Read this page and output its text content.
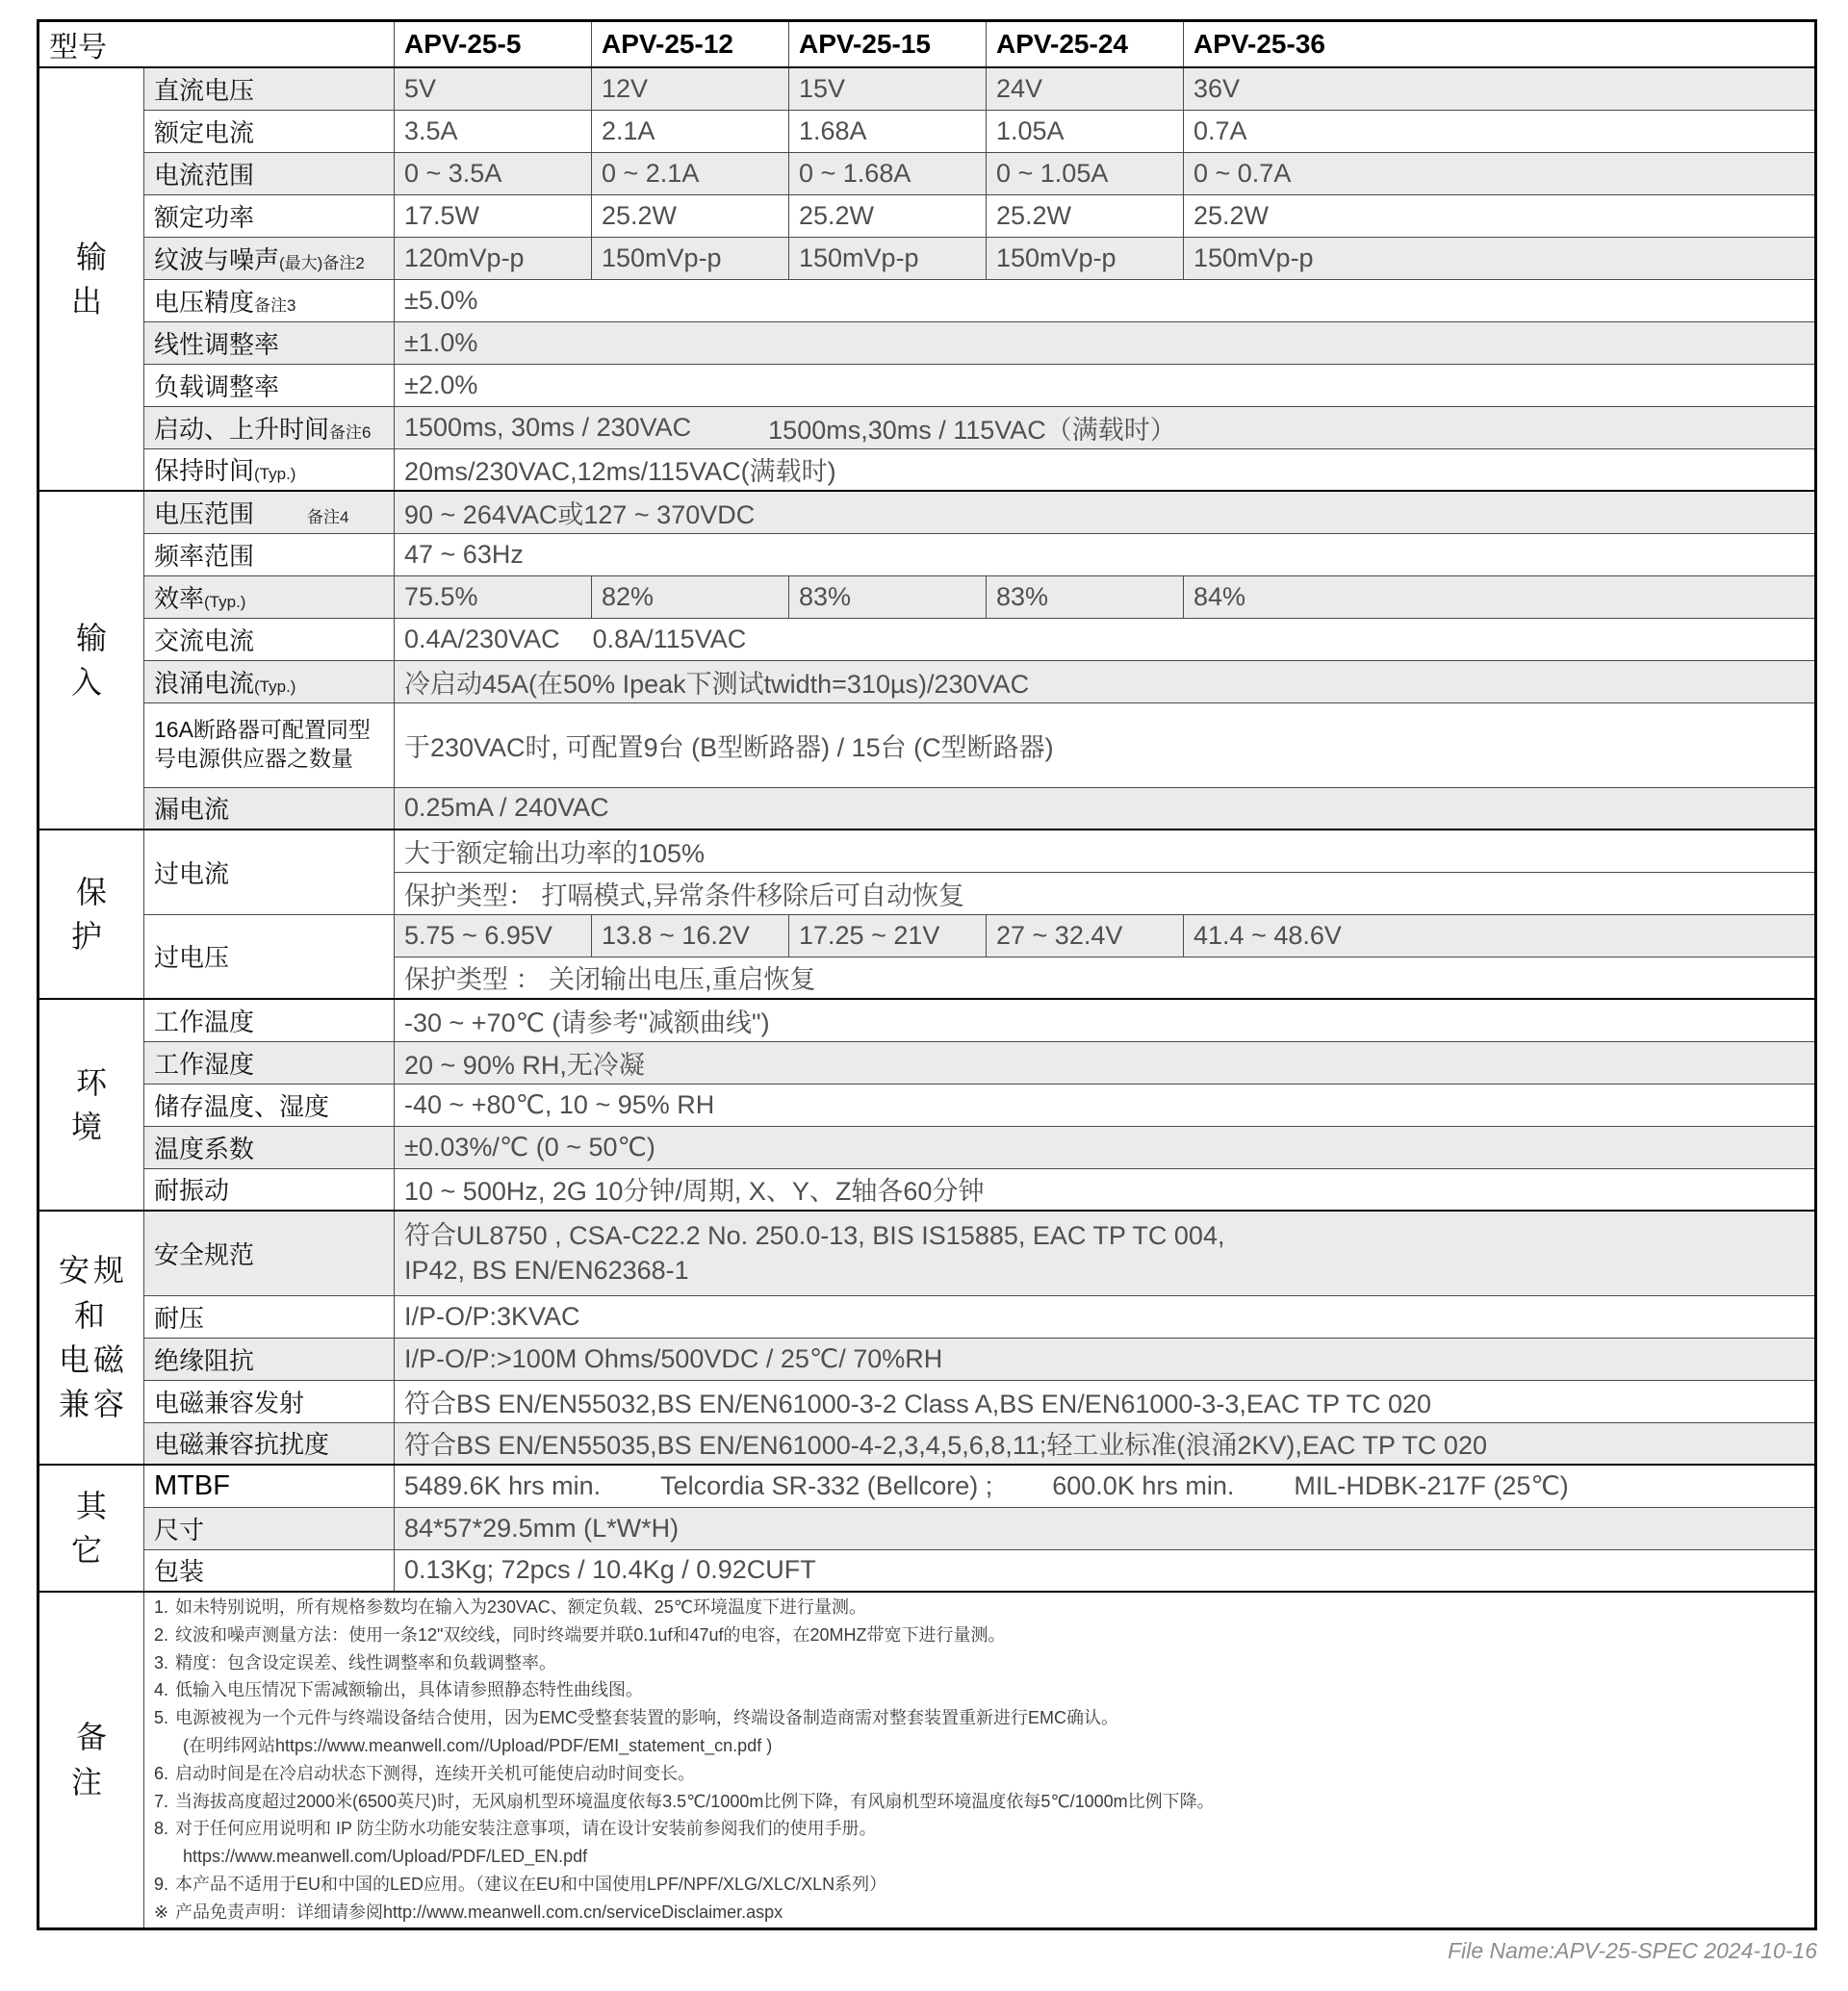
型号		APV-25-5	APV-25-12	APV-25-15	APV-25-24	APV-25-36
输出	直流电压	5V	12V	15V	24V	36V
	额定电流	3.5A	2.1A	1.68A	1.05A	0.7A
	电流范围	0 ~ 3.5A	0 ~ 2.1A	0 ~ 1.68A	0 ~ 1.05A	0 ~ 0.7A
	额定功率	17.5W	25.2W	25.2W	25.2W	25.2W
	纹波与噪声(最大)备注2	120mVp-p	150mVp-p	150mVp-p	150mVp-p	150mVp-p
	电压精度备注3	±5.0%				
	线性调整率	±1.0%				
	负载调整率	±2.0%				
	启动、上升时间备注6	1500ms, 30ms / 230VAC 1500ms,30ms / 115VAC（满载时）				

	保持时间(Typ.)	20ms/230VAC,12ms/115VAC(满载时)				
输入	电压范围 备注4	90 ~ 264VAC或127 ~ 370VDC				
	频率范围	47 ~ 63Hz				
	效率(Typ.)	75.5%	82%	83%	83%	84%
	交流电流	0.4A/230VAC 0.8A/115VAC				

	浪涌电流(Typ.)	冷启动45A(在50% Ipeak下测试twidth=310µs)/230VAC				
	16A断路器可配置同型号电源供应器之数量	于230VAC时, 可配置9台 (B型断路器) / 15台 (C型断路器)				
	漏电流	0.25mA / 240VAC				
保护	过电流	大于额定输出功率的105%				
		保护类型： 打嗝模式,异常条件移除后可自动恢复				
	过电压	5.75 ~ 6.95V	13.8 ~ 16.2V	17.25 ~ 21V	27 ~ 32.4V	41.4 ~ 48.6V
		保护类型 ： 关闭输出电压,重启恢复				
环境	工作温度	-30 ~ +70℃ (请参考"减额曲线")				
	工作湿度	20 ~ 90% RH,无冷凝				
	储存温度、湿度	-40 ~ +80℃, 10 ~ 95% RH				
	温度系数	±0.03%/℃ (0 ~ 50℃)				
	耐振动	10 ~ 500Hz, 2G 10分钟/周期, X、Y、Z轴各60分钟				

安规和
电磁
兼容	安全规范	符合UL8750 , CSA-C22.2 No. 250.0-13, BIS IS15885, EAC TP TC 004,
IP42, BS EN/EN62368-1				

	耐压	I/P-O/P:3KVAC				
	绝缘阻抗	I/P-O/P:>100M Ohms/500VDC / 25℃/ 70%RH				
	电磁兼容发射	符合BS EN/EN55032,BS EN/EN61000-3-2 Class A,BS EN/EN61000-3-3,EAC TP TC 020				
	电磁兼容抗扰度	符合BS EN/EN55035,BS EN/EN61000-4-2,3,4,5,6,8,11;轻工业标准(浪涌2KV),EAC TP TC 020				
其它	MTBF	5489.6K hrs min. Telcordia SR-332 (Bellcore) ; 600.0K hrs min. MIL-HDBK-217F (25℃)				

	尺寸	84*57*29.5mm (L*W*H)				
	包装	0.13Kg; 72pcs / 10.4Kg / 0.92CUFT				
备注	
1. 如未特别说明，所有规格参数均在输入为230VAC、额定负载、25℃环境温度下进行量测。
2. 纹波和噪声测量方法：使用一条12"双绞线，同时终端要并联0.1uf和47uf的电容，在20MHZ带宽下进行量测。
3. 精度：包含设定误差、线性调整率和负载调整率。
4. 低输入电压情况下需减额输出，具体请参照静态特性曲线图。
5. 电源被视为一个元件与终端设备结合使用，因为EMC受整套装置的影响，终端设备制造商需对整套装置重新进行EMC确认。
(在明纬网站https://www.meanwell.com//Upload/PDF/EMI_statement_cn.pdf )
6. 启动时间是在冷启动状态下测得，连续开关机可能使启动时间变长。
7. 当海拔高度超过2000米(6500英尺)时，无风扇机型环境温度依每3.5℃/1000m比例下降，有风扇机型环境温度依每5℃/1000m比例下降。
8. 对于任何应用说明和 IP 防尘防水功能安装注意事项，请在设计安装前参阅我们的使用手册。
https://www.meanwell.com/Upload/PDF/LED_EN.pdf
9. 本产品不适用于EU和中国的LED应用。（建议在EU和中国使用LPF/NPF/XLG/XLC/XLN系列）
※ 产品免责声明：详细请参阅http://www.meanwell.com.cn/serviceDisclaimer.aspx
File Name:APV-25-SPEC 2024-10-16
